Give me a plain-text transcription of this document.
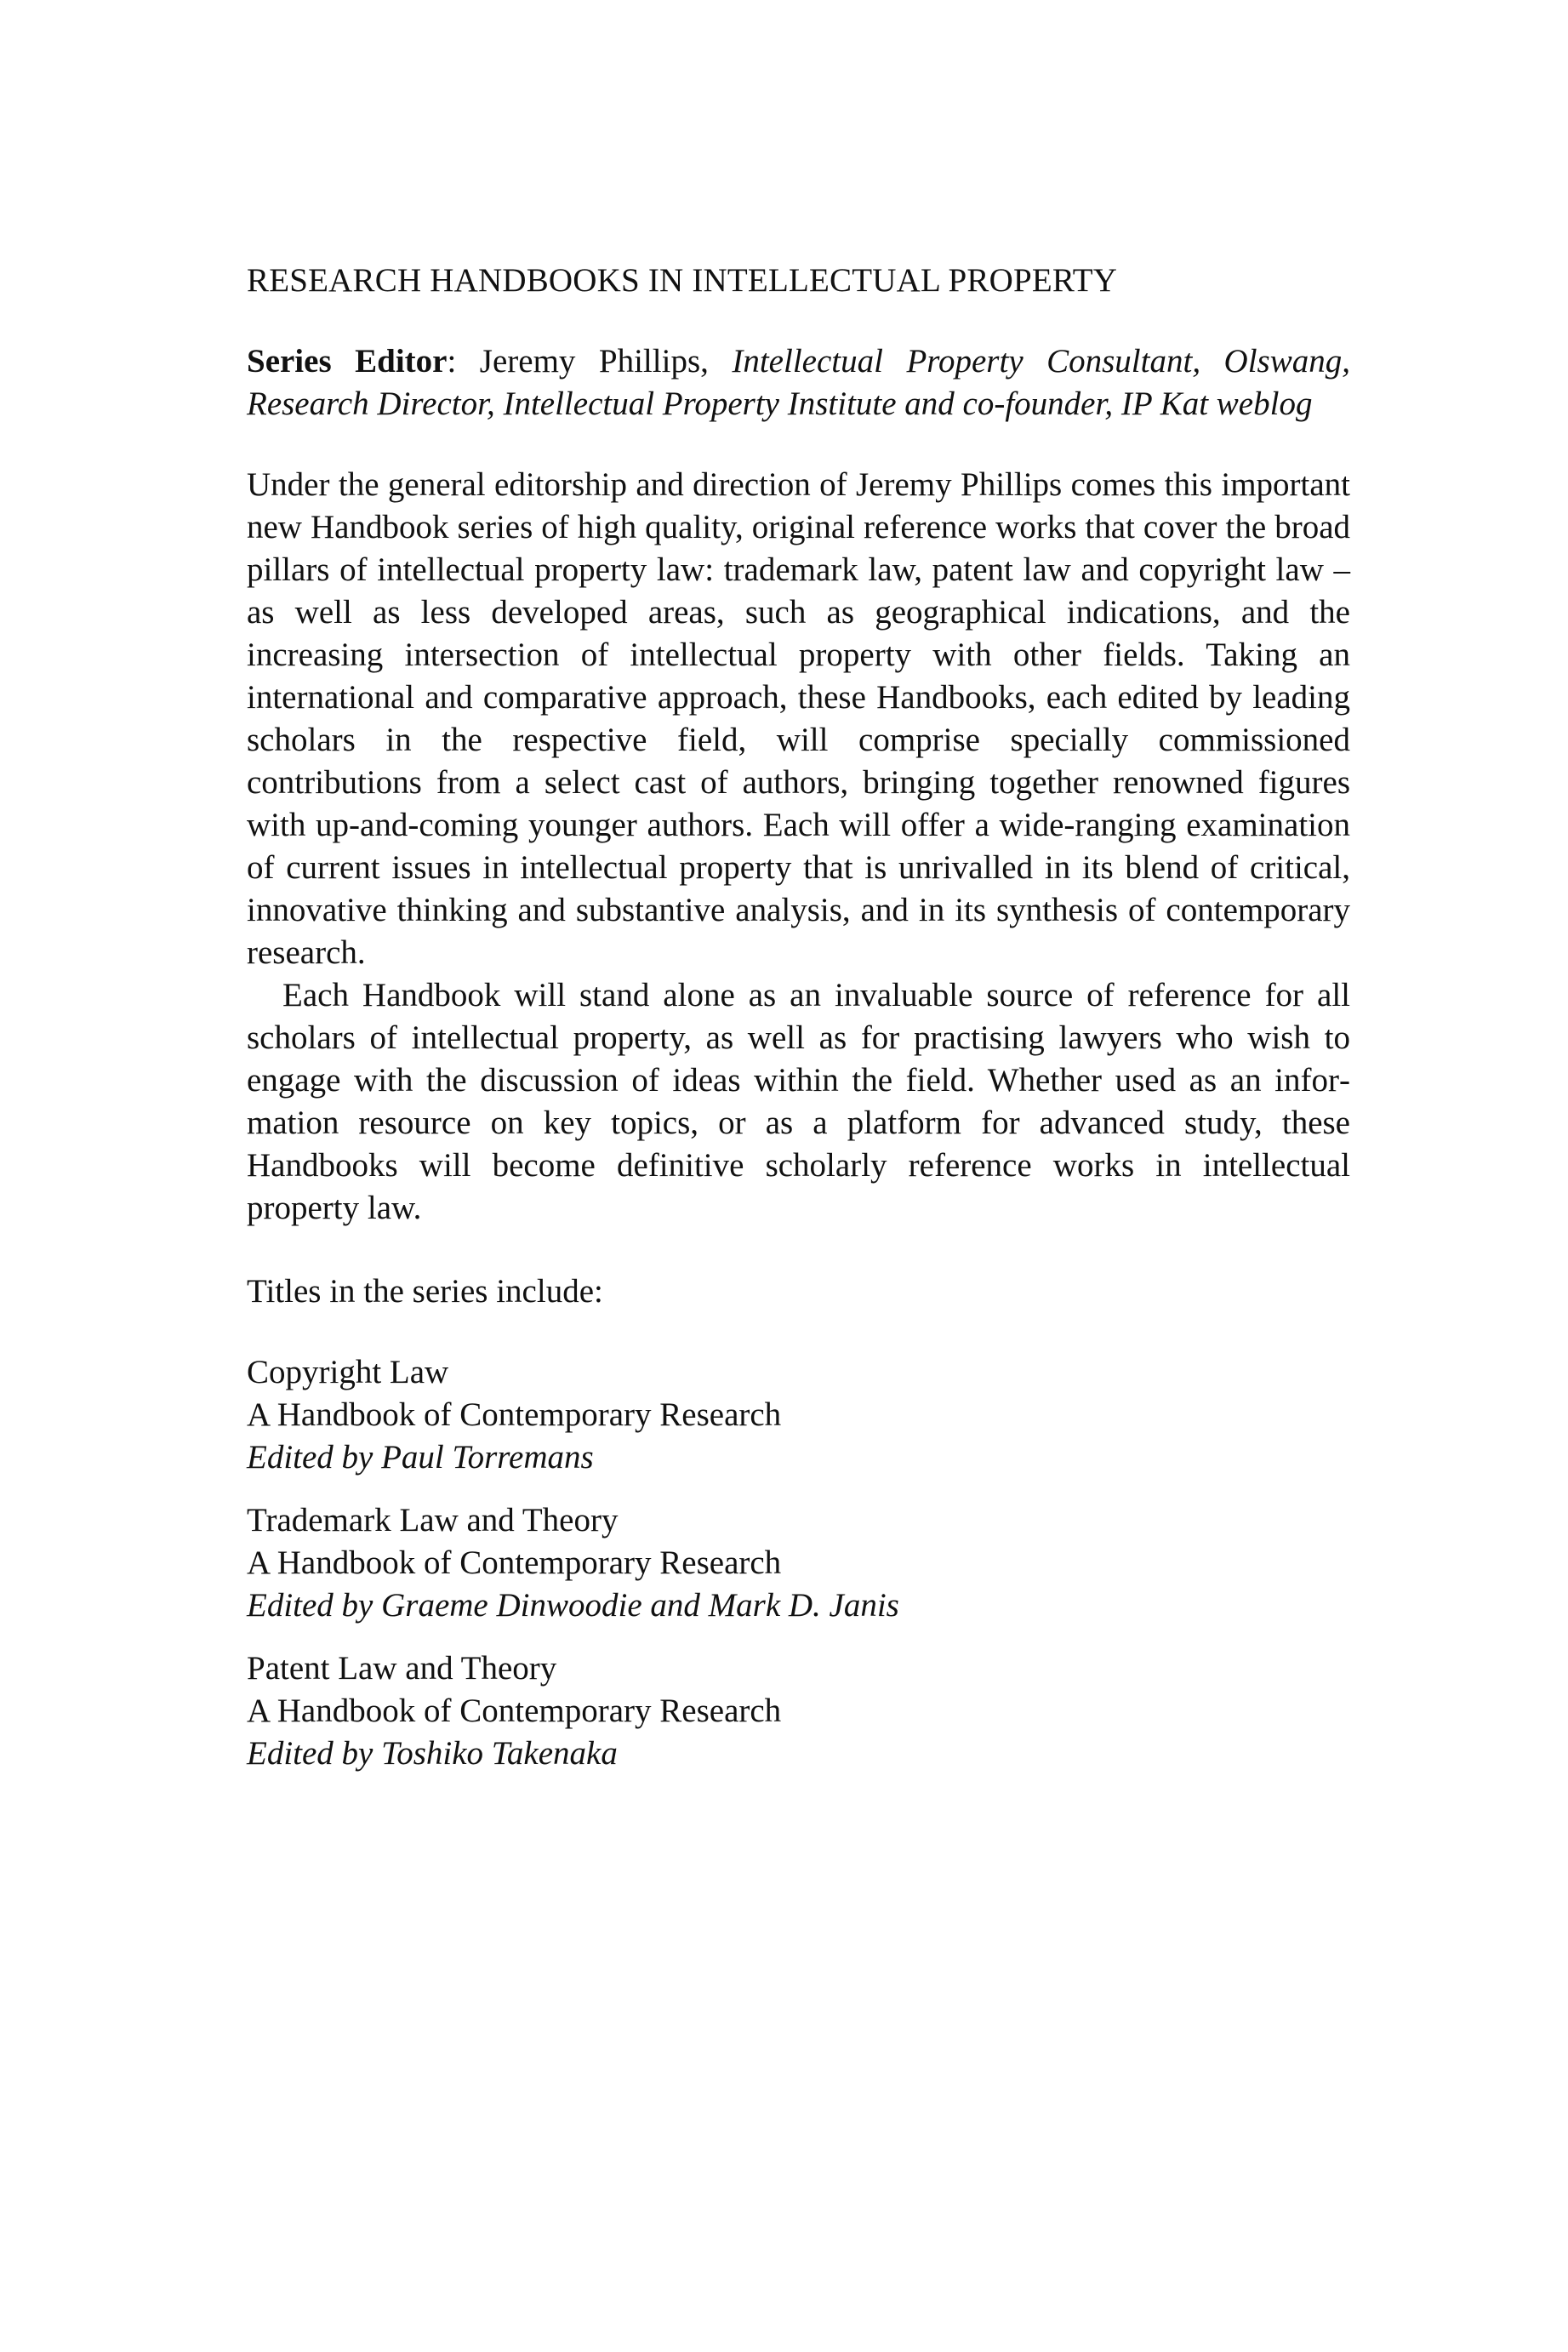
RESEARCH HANDBOOKS IN INTELLECTUAL PROPERTY

Series Editor: Jeremy Phillips, Intellectual Property Consultant, Olswang, Research Director, Intellectual Property Institute and co-founder, IP Kat weblog

Under the general editorship and direction of Jeremy Phillips comes this important new Handbook series of high quality, original reference works that cover the broad pillars of intellectual property law: trademark law, patent law and copyright law – as well as less developed areas, such as geographical indications, and the increasing intersection of intellectual property with other fields. Taking an international and comparative approach, these Handbooks, each edited by leading scholars in the respective field, will comprise specially commissioned contributions from a select cast of authors, bringing together renowned figures with up-and-coming younger authors. Each will offer a wide-ranging examination of current issues in intellectual property that is unrivalled in its blend of critical, innovative thinking and substantive analysis, and in its synthesis of contemporary research.

Each Handbook will stand alone as an invaluable source of reference for all scholars of intellectual property, as well as for practising lawyers who wish to engage with the discussion of ideas within the field. Whether used as an information resource on key topics, or as a platform for advanced study, these Handbooks will become definitive scholarly reference works in intellectual property law.

Titles in the series include:

Copyright Law
A Handbook of Contemporary Research
Edited by Paul Torremans
Trademark Law and Theory
A Handbook of Contemporary Research
Edited by Graeme Dinwoodie and Mark D. Janis
Patent Law and Theory
A Handbook of Contemporary Research
Edited by Toshiko Takenaka
